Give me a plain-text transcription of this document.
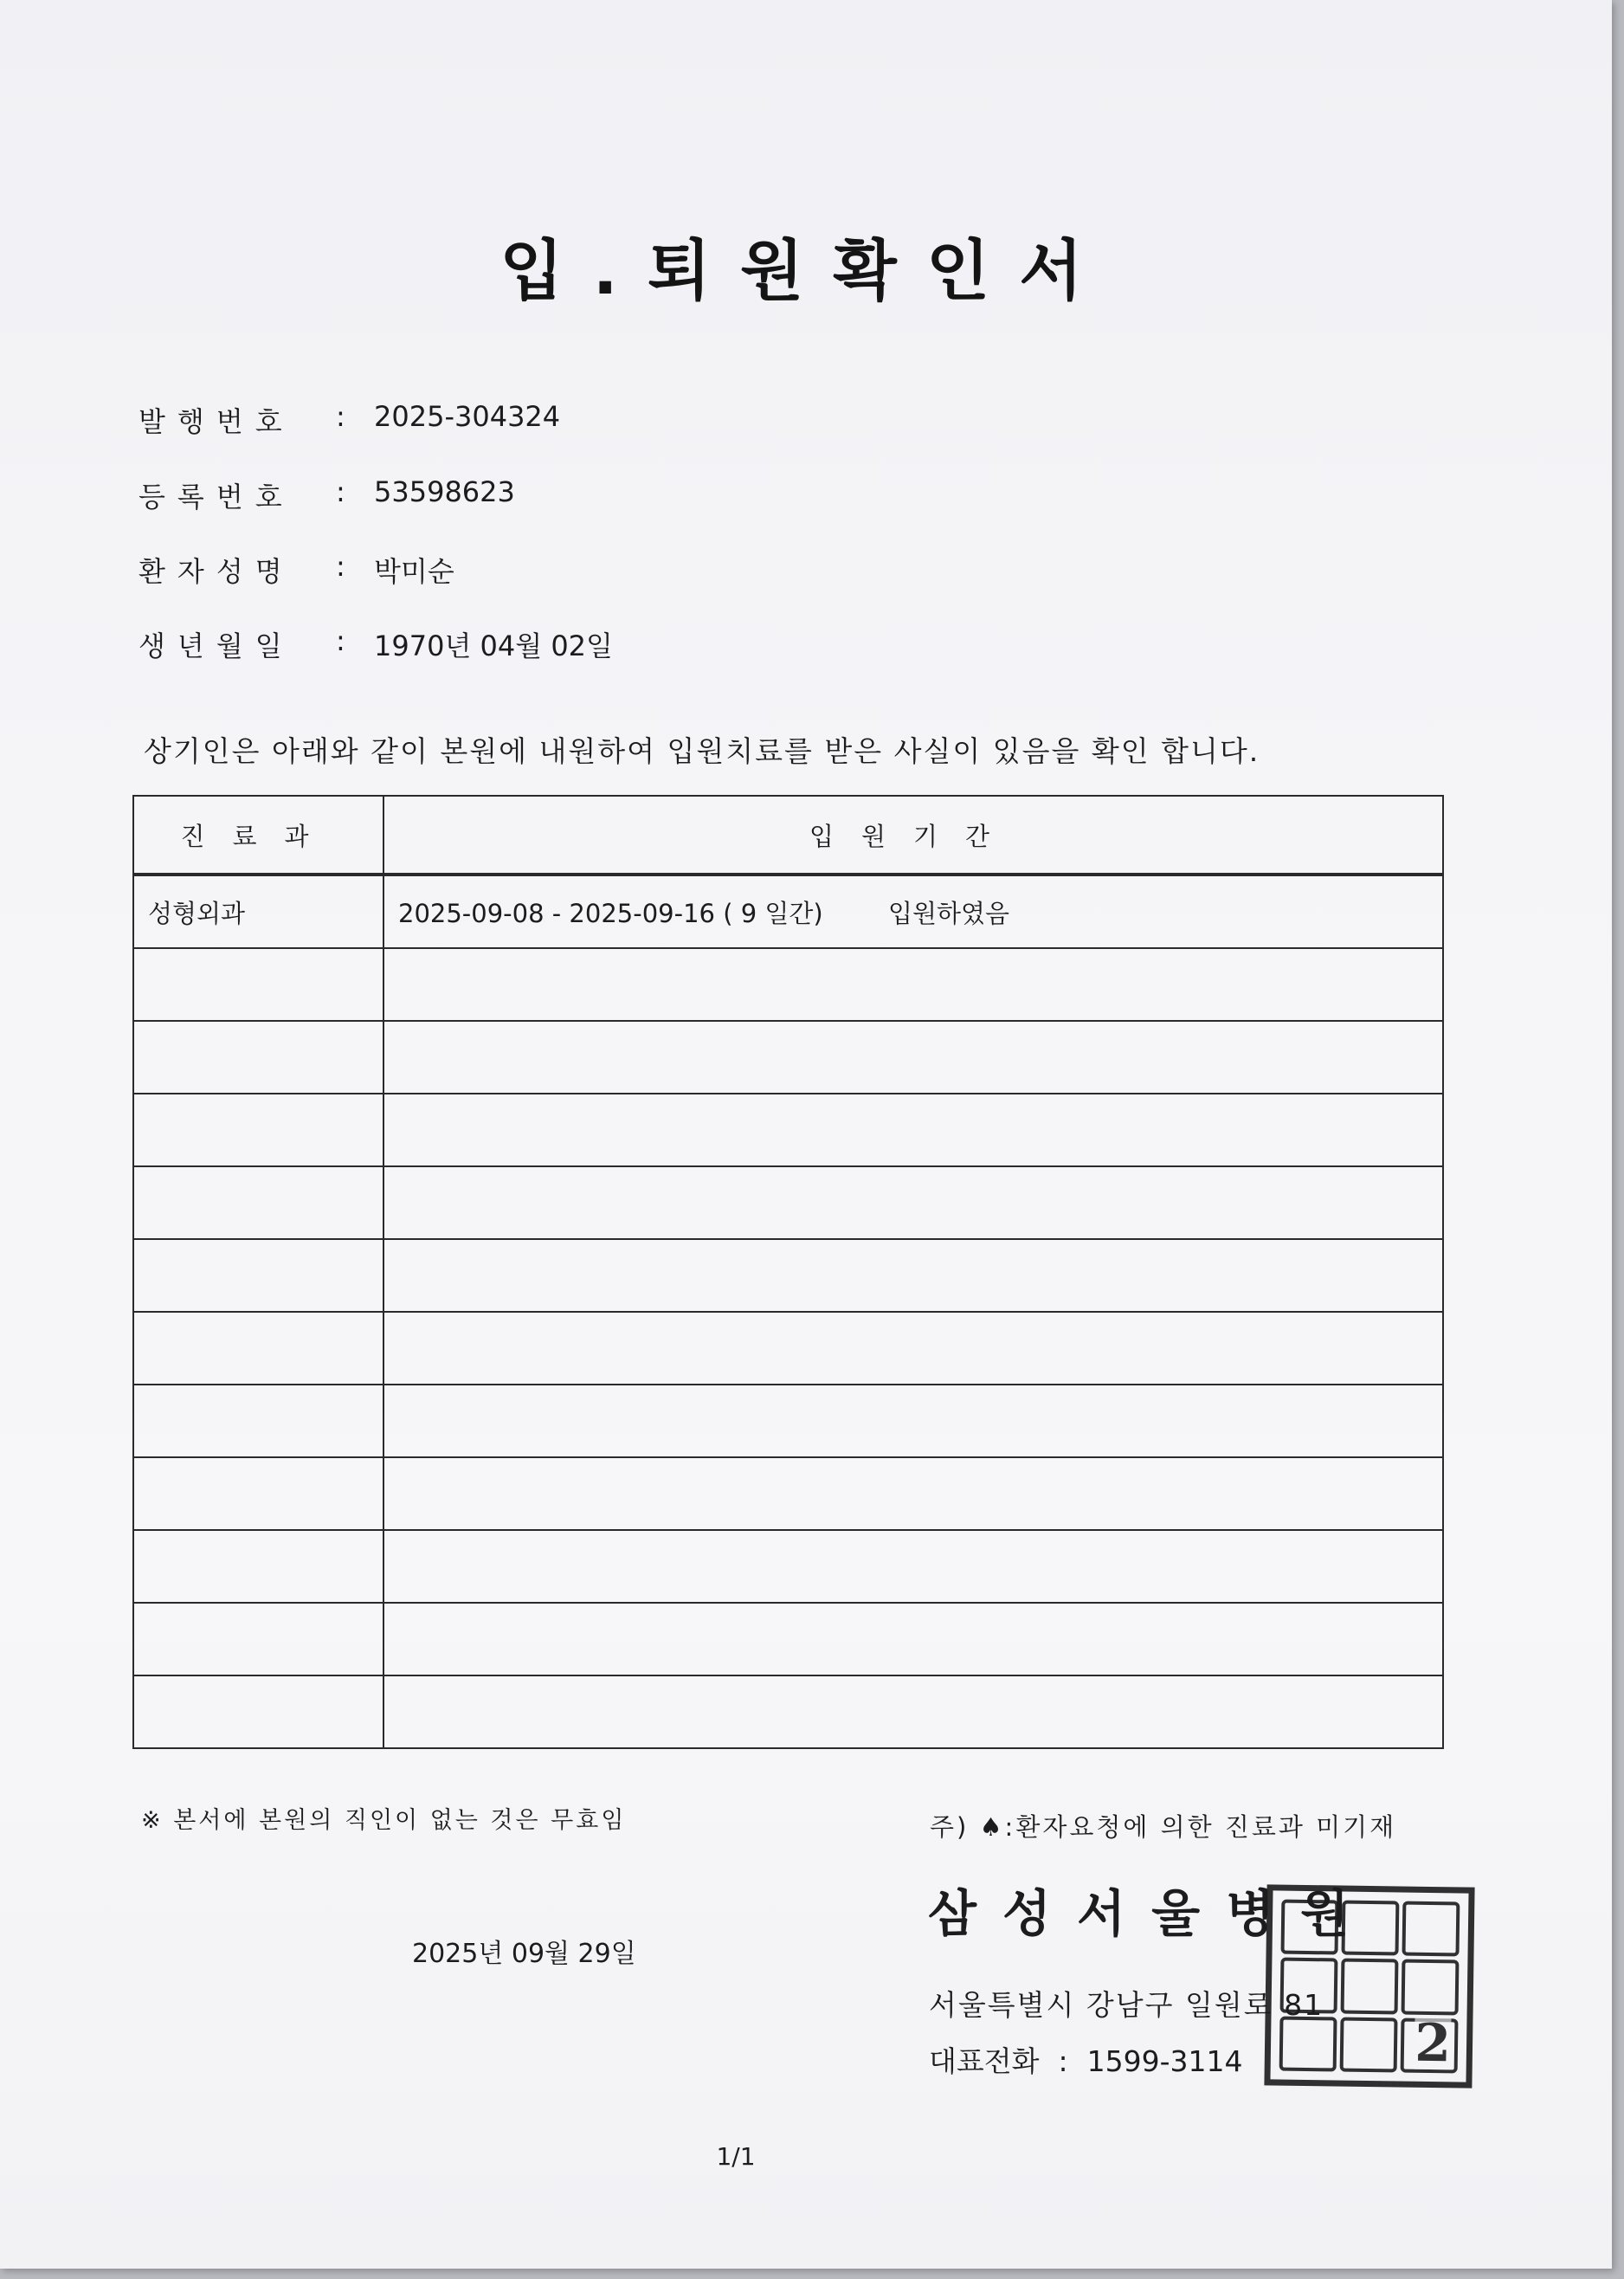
입.퇴원확인서
발행번호 : 2025-304324
등록번호 : 53598623
환자성명 : 박미순
생년월일 : 1970년 04월 02일
상기인은 아래와 같이 본원에 내원하여 입원치료를 받은 사실이 있음을 확인 합니다.
진료과	입원기간
성형외과	2025-09-08 - 2025-09-16 ( 9 일간) 입원하였음

※ 본서에 본원의 직인이 없는 것은 무효임	주) ♠:환자요청에 의한 진료과 미기재
2025년 09월 29일
삼성서울병원
서울특별시 강남구 일원로 81
대표전화 : 1599-3114	2
1/1
